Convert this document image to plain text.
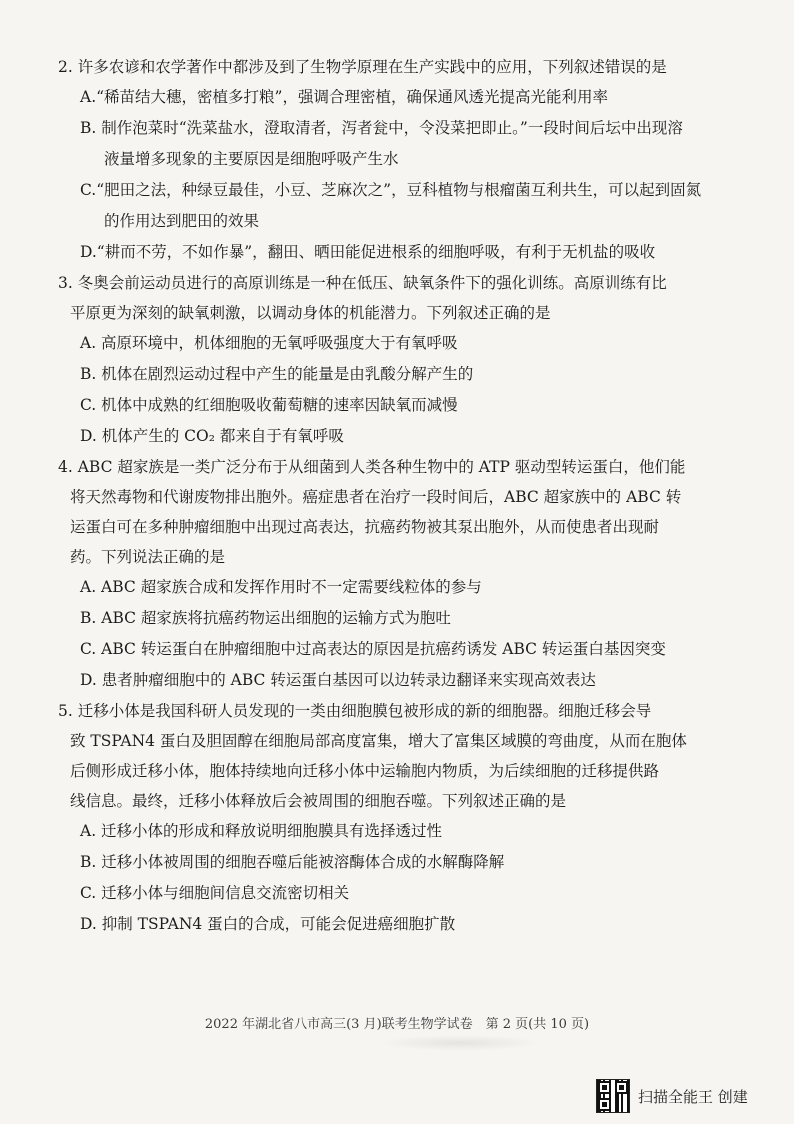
2. 许多农谚和农学著作中都涉及到了生物学原理在生产实践中的应用，下列叙述错误的是
A.“稀苗结大穗，密植多打粮”，强调合理密植，确保通风透光提高光能利用率
B. 制作泡菜时“洗菜盐水，澄取清者，泻者瓮中，令没菜把即止。”一段时间后坛中出现溶
液量增多现象的主要原因是细胞呼吸产生水
C.“肥田之法，种绿豆最佳，小豆、芝麻次之”，豆科植物与根瘤菌互利共生，可以起到固氮
的作用达到肥田的效果
D.“耕而不劳，不如作暴”，翻田、晒田能促进根系的细胞呼吸，有利于无机盐的吸收
3. 冬奥会前运动员进行的高原训练是一种在低压、缺氧条件下的强化训练。高原训练有比
平原更为深刻的缺氧刺激，以调动身体的机能潜力。下列叙述正确的是
A. 高原环境中，机体细胞的无氧呼吸强度大于有氧呼吸
B. 机体在剧烈运动过程中产生的能量是由乳酸分解产生的
C. 机体中成熟的红细胞吸收葡萄糖的速率因缺氧而减慢
D. 机体产生的 CO₂ 都来自于有氧呼吸
4. ABC 超家族是一类广泛分布于从细菌到人类各种生物中的 ATP 驱动型转运蛋白，他们能
将天然毒物和代谢废物排出胞外。癌症患者在治疗一段时间后，ABC 超家族中的 ABC 转
运蛋白可在多种肿瘤细胞中出现过高表达，抗癌药物被其泵出胞外，从而使患者出现耐
药。下列说法正确的是
A. ABC 超家族合成和发挥作用时不一定需要线粒体的参与
B. ABC 超家族将抗癌药物运出细胞的运输方式为胞吐
C. ABC 转运蛋白在肿瘤细胞中过高表达的原因是抗癌药诱发 ABC 转运蛋白基因突变
D. 患者肿瘤细胞中的 ABC 转运蛋白基因可以边转录边翻译来实现高效表达
5. 迁移小体是我国科研人员发现的一类由细胞膜包被形成的新的细胞器。细胞迁移会导
致 TSPAN4 蛋白及胆固醇在细胞局部高度富集，增大了富集区域膜的弯曲度，从而在胞体
后侧形成迁移小体，胞体持续地向迁移小体中运输胞内物质，为后续细胞的迁移提供路
线信息。最终，迁移小体释放后会被周围的细胞吞噬。下列叙述正确的是
A. 迁移小体的形成和释放说明细胞膜具有选择透过性
B. 迁移小体被周围的细胞吞噬后能被溶酶体合成的水解酶降解
C. 迁移小体与细胞间信息交流密切相关
D. 抑制 TSPAN4 蛋白的合成，可能会促进癌细胞扩散
2022 年湖北省八市高三(3 月)联考生物学试卷　第 2 页(共 10 页)
扫描全能王 创建
